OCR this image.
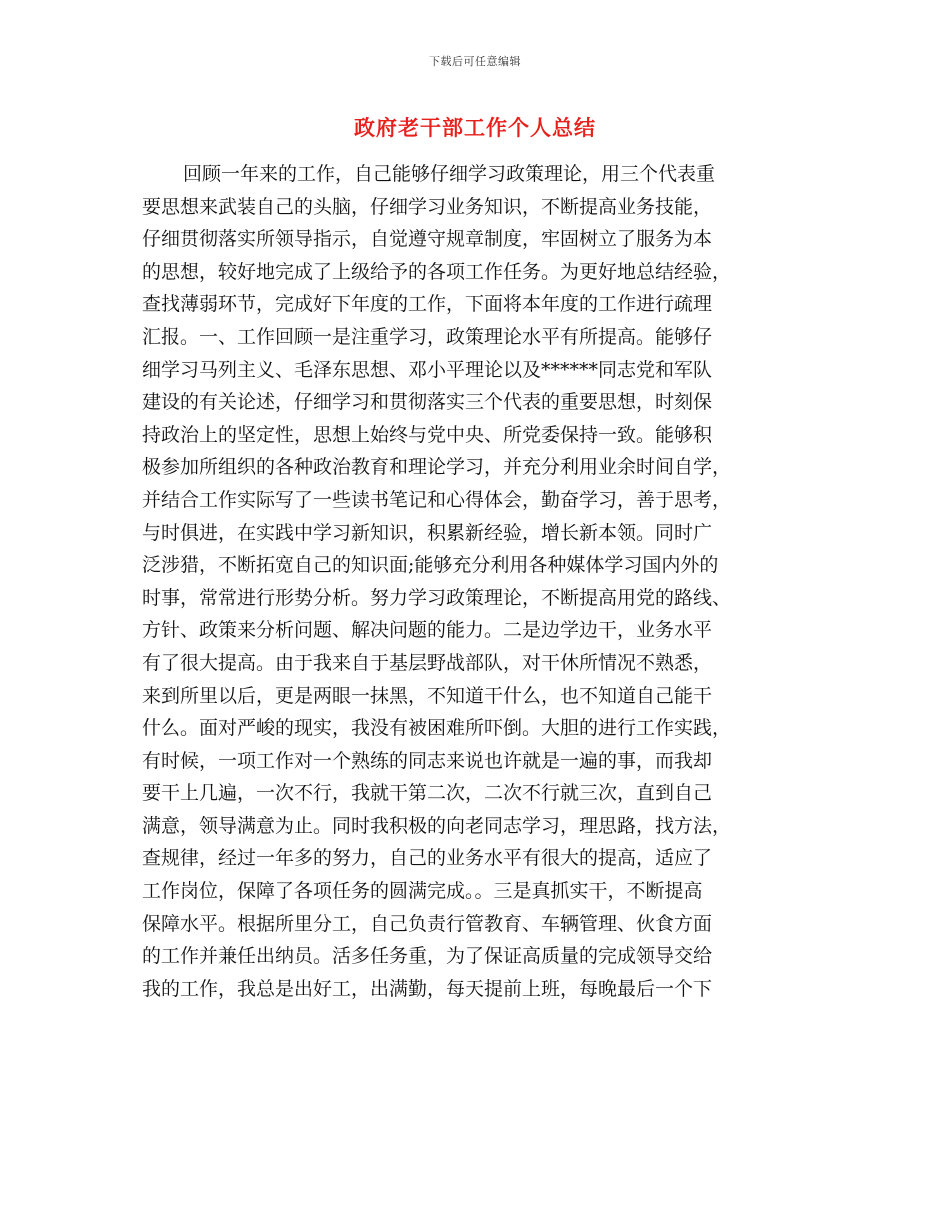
下载后可任意编辑
政府老干部工作个人总结
回顾一年来的工作，自己能够仔细学习政策理论，用三个代表重
要思想来武装自己的头脑，仔细学习业务知识，不断提高业务技能，
仔细贯彻落实所领导指示，自觉遵守规章制度，牢固树立了服务为本
的思想，较好地完成了上级给予的各项工作任务。为更好地总结经验，
查找薄弱环节，完成好下年度的工作，下面将本年度的工作进行疏理
汇报。一、工作回顾一是注重学习，政策理论水平有所提高。能够仔
细学习马列主义、毛泽东思想、邓小平理论以及******同志党和军队
建设的有关论述，仔细学习和贯彻落实三个代表的重要思想，时刻保
持政治上的坚定性，思想上始终与党中央、所党委保持一致。能够积
极参加所组织的各种政治教育和理论学习，并充分利用业余时间自学，
并结合工作实际写了一些读书笔记和心得体会，勤奋学习，善于思考，
与时俱进，在实践中学习新知识，积累新经验，增长新本领。同时广
泛涉猎，不断拓宽自己的知识面;能够充分利用各种媒体学习国内外的
时事，常常进行形势分析。努力学习政策理论，不断提高用党的路线、
方针、政策来分析问题、解决问题的能力。二是边学边干，业务水平
有了很大提高。由于我来自于基层野战部队，对干休所情况不熟悉，
来到所里以后，更是两眼一抹黑，不知道干什么，也不知道自己能干
什么。面对严峻的现实，我没有被困难所吓倒。大胆的进行工作实践，
有时候，一项工作对一个熟练的同志来说也许就是一遍的事，而我却
要干上几遍，一次不行，我就干第二次，二次不行就三次，直到自己
满意，领导满意为止。同时我积极的向老同志学习，理思路，找方法，
查规律，经过一年多的努力，自己的业务水平有很大的提高，适应了
工作岗位，保障了各项任务的圆满完成。。三是真抓实干，不断提高
保障水平。根据所里分工，自己负责行管教育、车辆管理、伙食方面
的工作并兼任出纳员。活多任务重，为了保证高质量的完成领导交给
我的工作，我总是出好工，出满勤，每天提前上班，每晚最后一个下
